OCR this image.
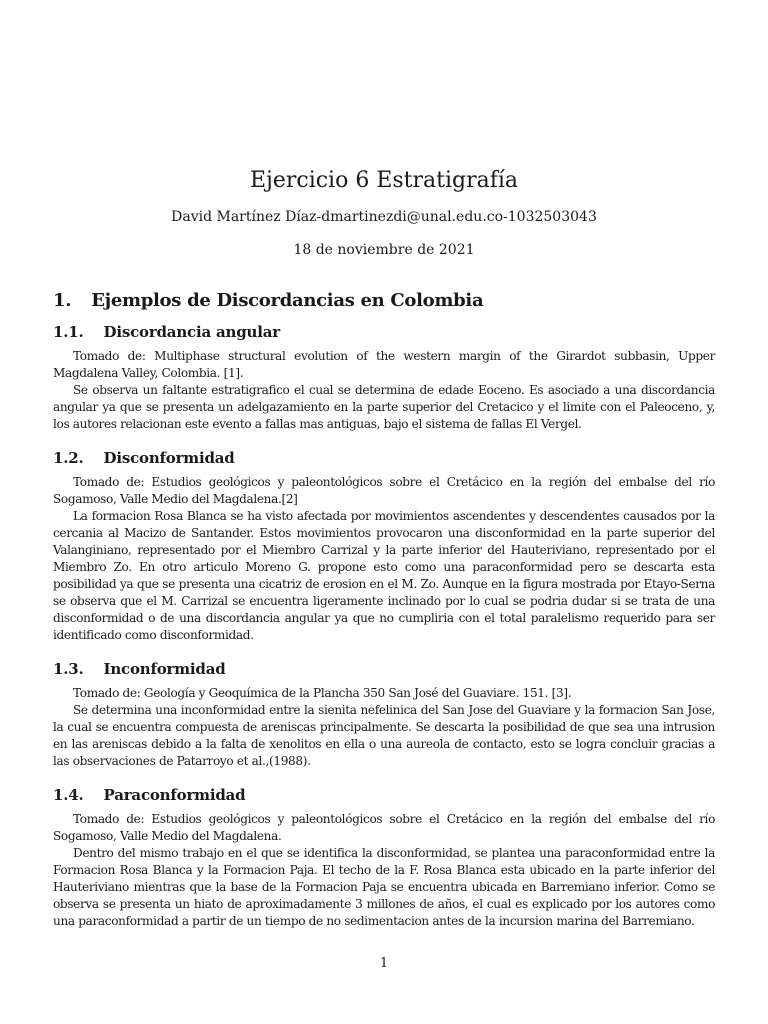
Ejercicio 6 Estratigrafía
David Martínez Díaz-dmartinezdi@unal.edu.co-1032503043
18 de noviembre de 2021
1. Ejemplos de Discordancias en Colombia
1.1. Discordancia angular

Tomado de: Multiphase structural evolution of the western margin of the Girardot subbasin, Upper Magdalena Valley, Colombia. [1].

Se observa un faltante estratigrafico el cual se determina de edade Eoceno. Es asociado a una discordancia angular ya que se presenta un adelgazamiento en la parte superior del Cretacico y el limite con el Paleoceno, y, los autores relacionan este evento a fallas mas antiguas, bajo el sistema de fallas El Vergel.

1.2. Disconformidad

Tomado de: Estudios geológicos y paleontológicos sobre el Cretácico en la región del embalse del río Sogamoso, Valle Medio del Magdalena.[2]

La formacion Rosa Blanca se ha visto afectada por movimientos ascendentes y descendentes causados por la cercania al Macizo de Santander. Estos movimientos provocaron una disconformidad en la parte superior del Valanginiano, representado por el Miembro Carrizal y la parte inferior del Hauteriviano, representado por el Miembro Zo. En otro articulo Moreno G. propone esto como una paraconformidad pero se descarta esta posibilidad ya que se presenta una cicatriz de erosion en el M. Zo. Aunque en la figura mostrada por Etayo-Serna se observa que el M. Carrizal se encuentra ligeramente inclinado por lo cual se podria dudar si se trata de una disconformidad o de una discordancia angular ya que no cumpliria con el total paralelismo requerido para ser identificado como disconformidad.

1.3. Inconformidad

Tomado de: Geología y Geoquímica de la Plancha 350 San José del Guaviare. 151. [3].

Se determina una inconformidad entre la sienita nefelinica del San Jose del Guaviare y la formacion San Jose, la cual se encuentra compuesta de areniscas principalmente. Se descarta la posibilidad de que sea una intrusion en las areniscas debido a la falta de xenolitos en ella o una aureola de contacto, esto se logra concluir gracias a las observaciones de Patarroyo et al.,(1988).

1.4. Paraconformidad

Tomado de: Estudios geológicos y paleontológicos sobre el Cretácico en la región del embalse del río Sogamoso, Valle Medio del Magdalena.

Dentro del mismo trabajo en el que se identifica la disconformidad, se plantea una paraconformidad entre la Formacion Rosa Blanca y la Formacion Paja. El techo de la F. Rosa Blanca esta ubicado en la parte inferior del Hauteriviano mientras que la base de la Formacion Paja se encuentra ubicada en Barremiano inferior. Como se observa se presenta un hiato de aproximadamente 3 millones de años, el cual es explicado por los autores como una paraconformidad a partir de un tiempo de no sedimentacion antes de la incursion marina del Barremiano.

1
